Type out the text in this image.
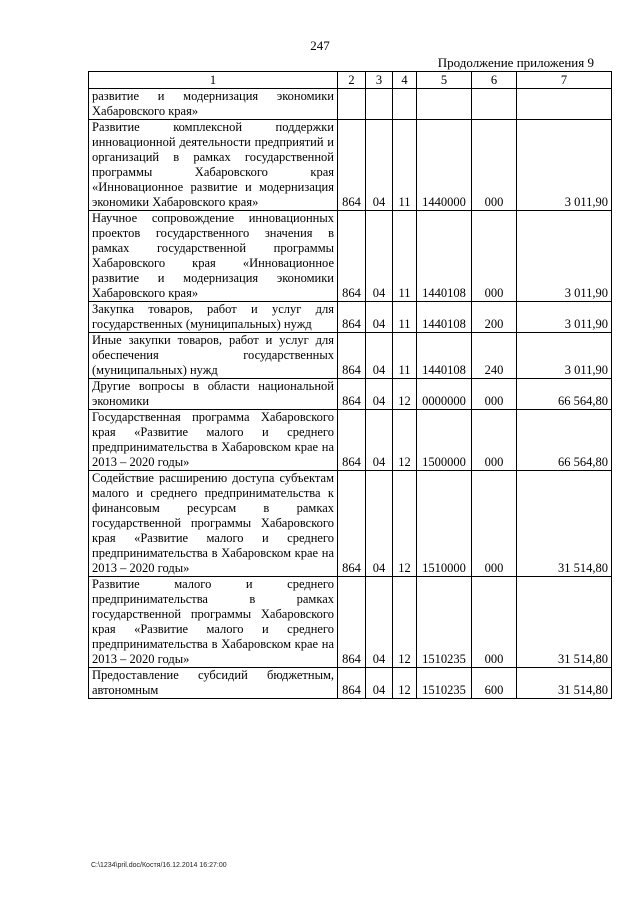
247
Продолжение приложения 9
1	2	3	4	5	6	7
развитие и модернизация экономики Хабаровского края»						
Развитие комплексной поддержки инновационной деятельности предприятий и организаций в рамках государственной программы Хабаровского края «Инновационное развитие и модернизация экономики Хабаровского края»	864	04	11	1440000	000	3 011,90
Научное сопровождение инновационных проектов государственного значения в рамках государственной программы Хабаровского края «Инновационное развитие и модернизация экономики Хабаровского края»	864	04	11	1440108	000	3 011,90
Закупка товаров, работ и услуг для государственных (муниципальных) нужд	864	04	11	1440108	200	3 011,90
Иные закупки товаров, работ и услуг для обеспечения государственных (муниципальных) нужд	864	04	11	1440108	240	3 011,90
Другие вопросы в области национальной экономики	864	04	12	0000000	000	66 564,80
Государственная программа Хабаровского края «Развитие малого и среднего предпринимательства в Хабаровском крае на 2013 – 2020 годы»	864	04	12	1500000	000	66 564,80
Содействие расширению доступа субъектам малого и среднего предпринимательства к финансовым ресурсам в рамках государственной программы Хабаровского края «Развитие малого и среднего предпринимательства в Хабаровском крае на 2013 – 2020 годы»	864	04	12	1510000	000	31 514,80
Развитие малого и среднего предпринимательства в рамках государственной программы Хабаровского края «Развитие малого и среднего предпринимательства в Хабаровском крае на 2013 – 2020 годы»	864	04	12	1510235	000	31 514,80
Предоставление субсидий бюджетным, автономным	864	04	12	1510235	600	31 514,80
C:\1234\pril.doc/Костя/16.12.2014 16:27:00
